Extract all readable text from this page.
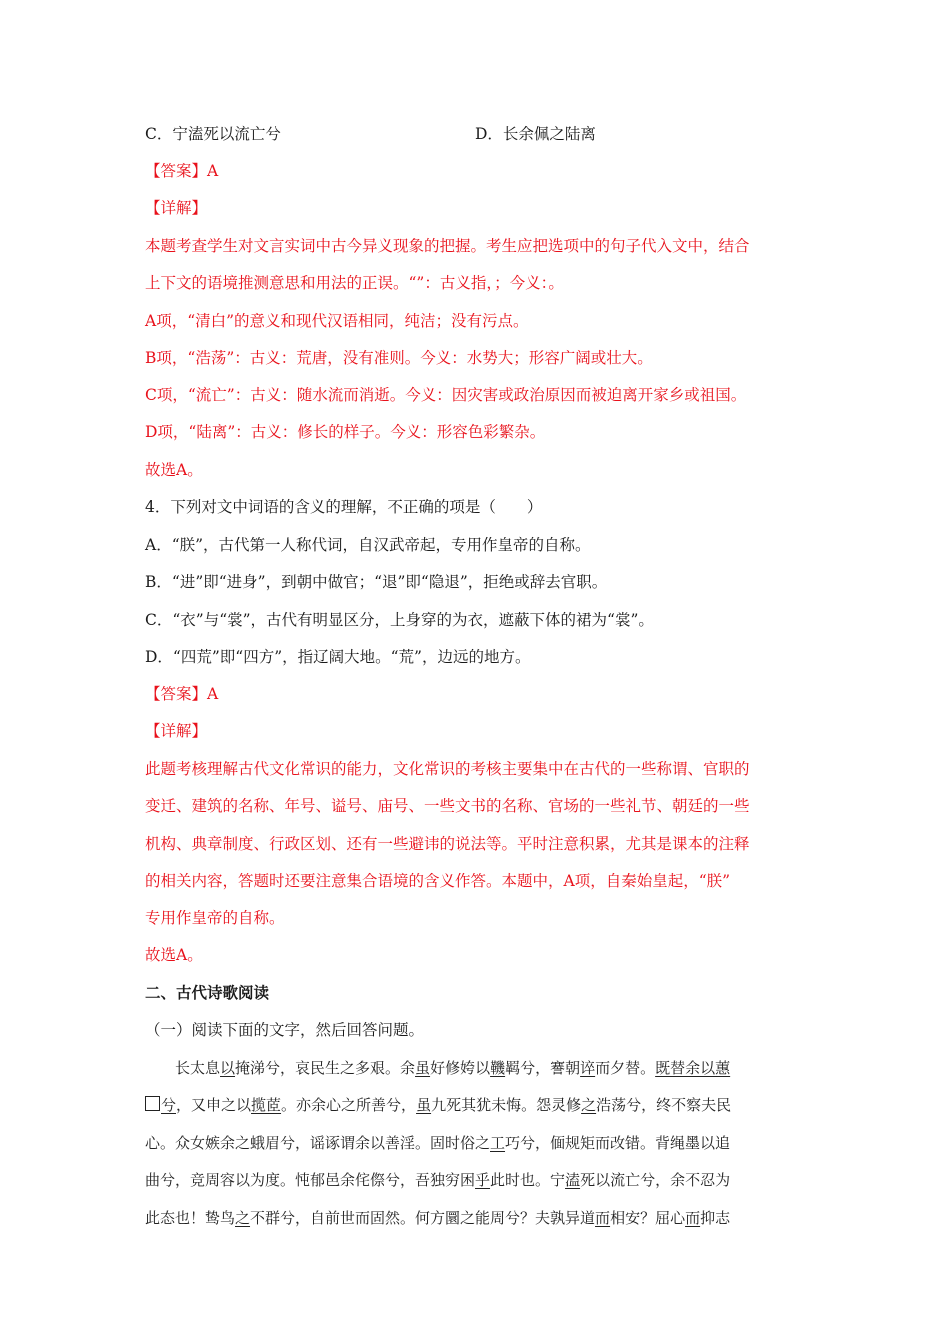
C．宁溘死以流亡兮	D．长余佩之陆离
【答案】A
【详解】
本题考查学生对文言实词中古今异义现象的把握。考生应把选项中的句子代入文中，结合
上下文的语境推测意思和用法的正误。“”：古义指，；今义：。
A项，“清白”的意义和现代汉语相同，纯洁；没有污点。
B项，“浩荡”：古义：荒唐，没有准则。今义：水势大；形容广阔或壮大。
C项，“流亡”：古义：随水流而消逝。今义：因灾害或政治原因而被迫离开家乡或祖国。
D项，“陆离”：古义：修长的样子。今义：形容色彩繁杂。
故选A。
4．下列对文中词语的含义的理解，不正确的项是（　　）
A．“朕”，古代第一人称代词，自汉武帝起，专用作皇帝的自称。
B．“进”即“进身”，到朝中做官；“退”即“隐退”，拒绝或辞去官职。
C．“衣”与“裳”，古代有明显区分，上身穿的为衣，遮蔽下体的裙为“裳”。
D．“四荒”即“四方”，指辽阔大地。“荒”，边远的地方。
【答案】A
【详解】
此题考核理解古代文化常识的能力，文化常识的考核主要集中在古代的一些称谓、官职的
变迁、建筑的名称、年号、谥号、庙号、一些文书的名称、官场的一些礼节、朝廷的一些
机构、典章制度、行政区划、还有一些避讳的说法等。平时注意积累，尤其是课本的注释
的相关内容，答题时还要注意集合语境的含义作答。本题中，A项，自秦始皇起，“朕”
专用作皇帝的自称。
故选A。
二、古代诗歌阅读
（一）阅读下面的文字，然后回答问题。
长太息以掩涕兮，哀民生之多艰。余虽好修姱以鞿羁兮，謇朝谇而夕替。既替余以蕙
兮，又申之以揽茝。亦余心之所善兮，虽九死其犹未悔。怨灵修之浩荡兮，终不察夫民
心。众女嫉余之蛾眉兮，谣诼谓余以善淫。固时俗之工巧兮，偭规矩而改错。背绳墨以追
曲兮，竞周容以为度。忳郁邑余侘傺兮，吾独穷困乎此时也。宁溘死以流亡兮，余不忍为
此态也！鸷鸟之不群兮，自前世而固然。何方圜之能周兮？夫孰异道而相安？屈心而抑志
